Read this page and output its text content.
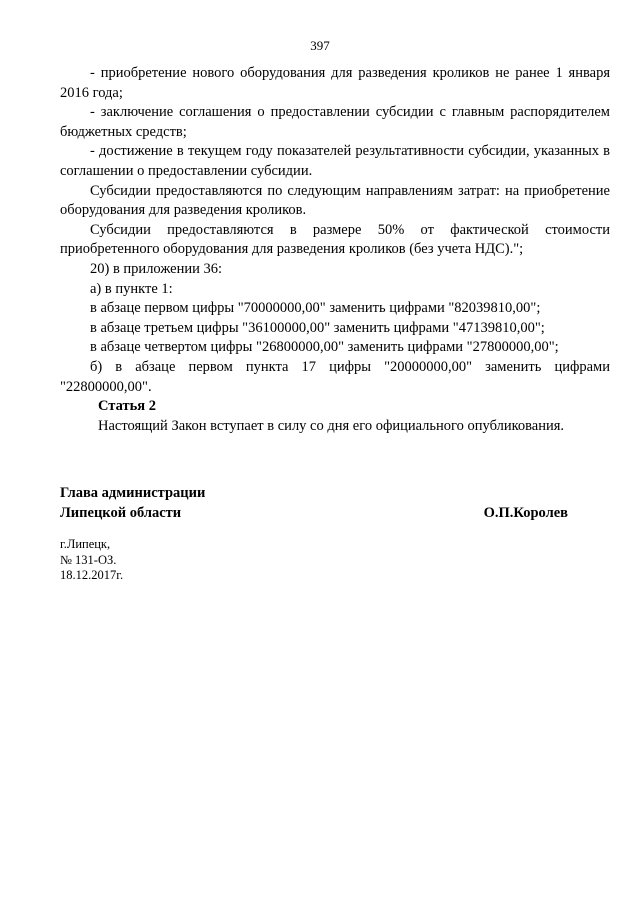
397

- приобретение нового оборудования для разведения кроликов не ранее 1 января 2016 года;

- заключение соглашения о предоставлении субсидии с главным распорядителем бюджетных средств;

- достижение в текущем году показателей результативности субсидии, указанных в соглашении о предоставлении субсидии.

Субсидии предоставляются по следующим направлениям затрат: на приобретение оборудования для разведения кроликов.

Субсидии предоставляются в размере 50% от фактической стоимости приобретенного оборудования для разведения кроликов (без учета НДС).";

20) в приложении 36:

а) в пункте 1:

в абзаце первом цифры "70000000,00" заменить цифрами "82039810,00";

в абзаце третьем цифры "36100000,00" заменить цифрами "47139810,00";

в абзаце четвертом цифры "26800000,00" заменить цифрами "27800000,00";

б) в абзаце первом пункта 17 цифры "20000000,00" заменить цифрами "22800000,00".

Статья 2

Настоящий Закон вступает в силу со дня его официального опубликования.

Глава администрации

Липецкой области	О.П.Королев
г.Липецк,
№ 131-ОЗ.
18.12.2017г.
